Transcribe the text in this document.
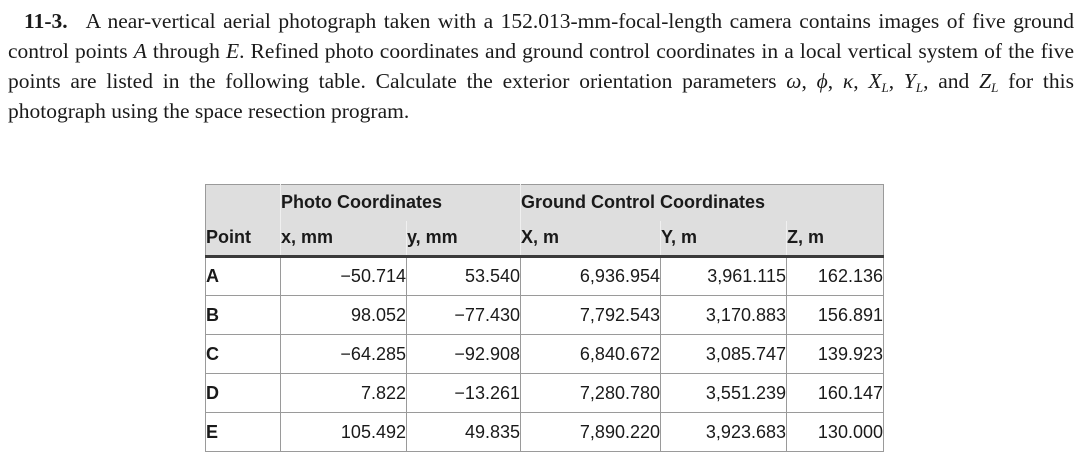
11-3. A near-vertical aerial photograph taken with a 152.013-mm-focal-length camera contains images of five ground control points A through E. Refined photo coordinates and ground control coordinates in a local vertical system of the five points are listed in the following table. Calculate the exterior orientation parameters ω, ϕ, κ, $X_L$, $Y_L$, and $Z_L$ for this photograph using the space resection program.
	Photo Coordinates		Ground Control Coordinates		
Point	x, mm	y, mm	X, m	Y, m	Z, m
A	−50.714	53.540	6,936.954	3,961.115	162.136
B	98.052	−77.430	7,792.543	3,170.883	156.891
C	−64.285	−92.908	6,840.672	3,085.747	139.923
D	7.822	−13.261	7,280.780	3,551.239	160.147
E	105.492	49.835	7,890.220	3,923.683	130.000
